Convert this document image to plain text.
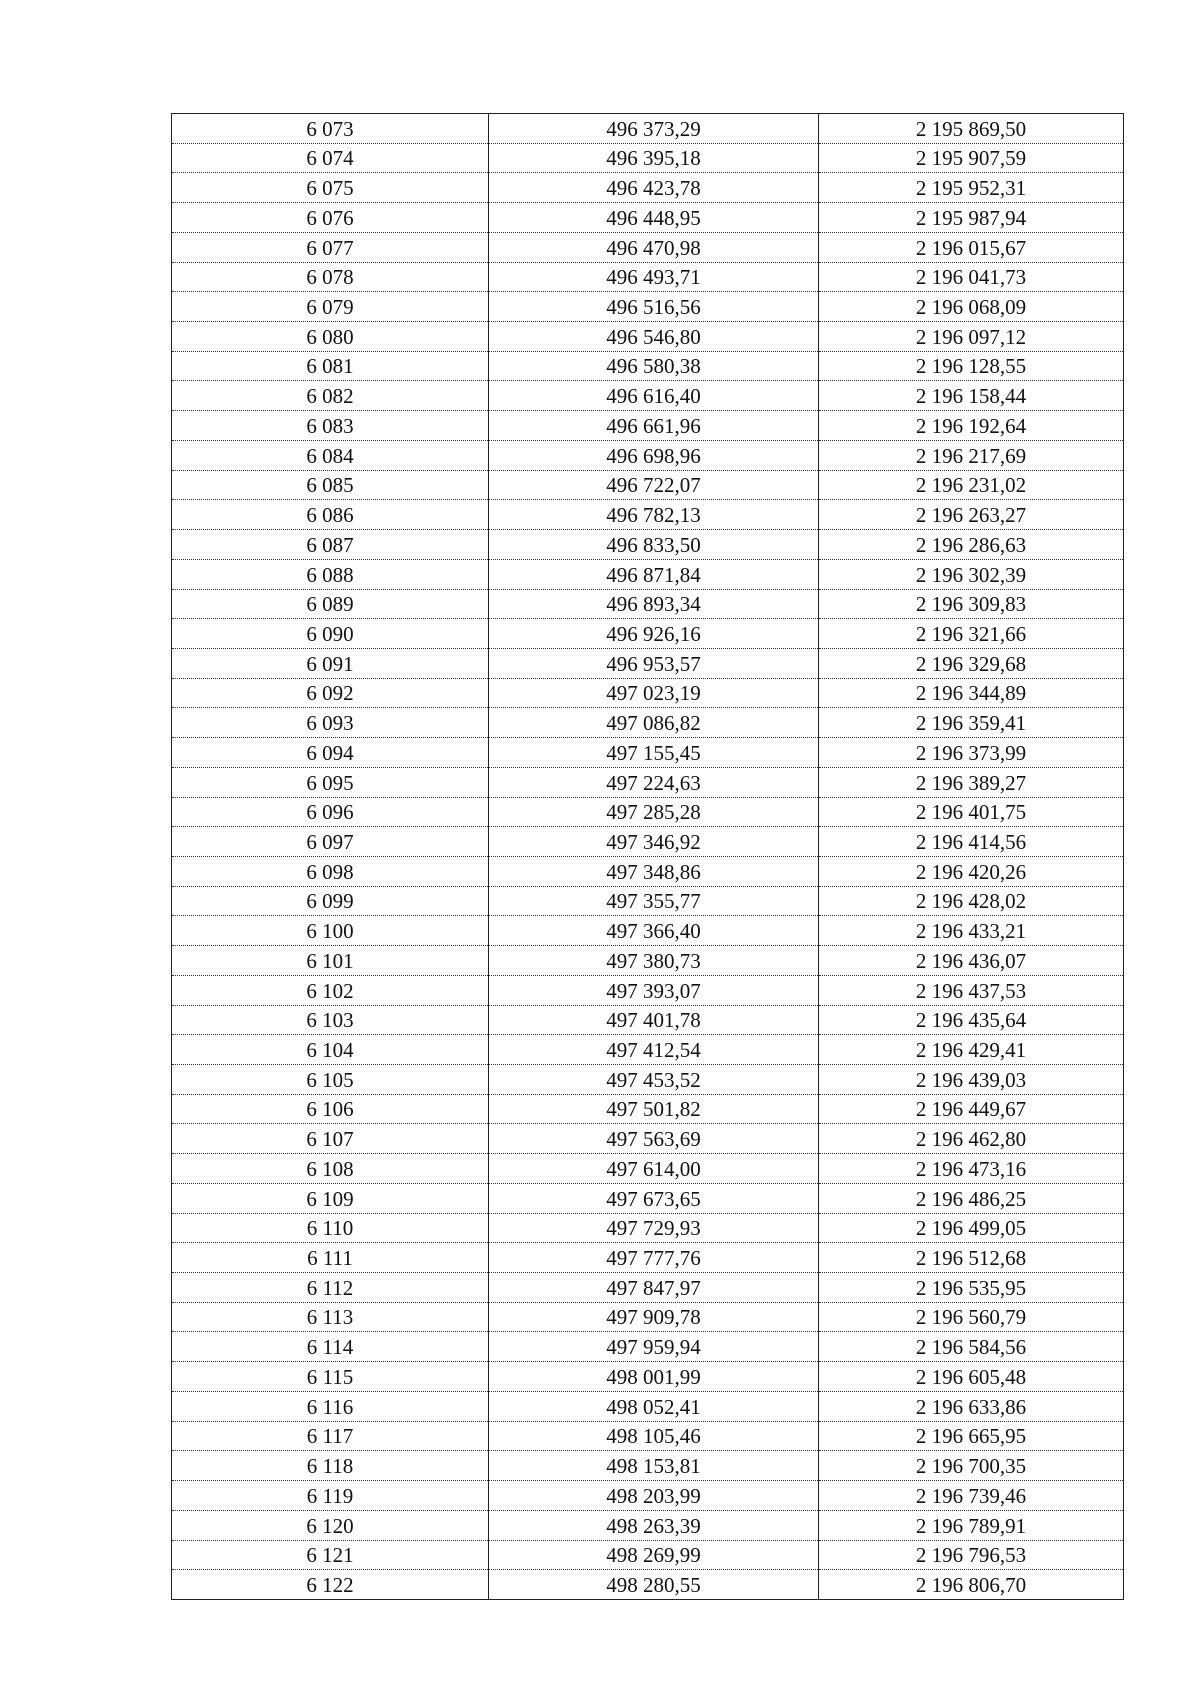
6 073	496 373,29	2 195 869,50
6 074	496 395,18	2 195 907,59
6 075	496 423,78	2 195 952,31
6 076	496 448,95	2 195 987,94
6 077	496 470,98	2 196 015,67
6 078	496 493,71	2 196 041,73
6 079	496 516,56	2 196 068,09
6 080	496 546,80	2 196 097,12
6 081	496 580,38	2 196 128,55
6 082	496 616,40	2 196 158,44
6 083	496 661,96	2 196 192,64
6 084	496 698,96	2 196 217,69
6 085	496 722,07	2 196 231,02
6 086	496 782,13	2 196 263,27
6 087	496 833,50	2 196 286,63
6 088	496 871,84	2 196 302,39
6 089	496 893,34	2 196 309,83
6 090	496 926,16	2 196 321,66
6 091	496 953,57	2 196 329,68
6 092	497 023,19	2 196 344,89
6 093	497 086,82	2 196 359,41
6 094	497 155,45	2 196 373,99
6 095	497 224,63	2 196 389,27
6 096	497 285,28	2 196 401,75
6 097	497 346,92	2 196 414,56
6 098	497 348,86	2 196 420,26
6 099	497 355,77	2 196 428,02
6 100	497 366,40	2 196 433,21
6 101	497 380,73	2 196 436,07
6 102	497 393,07	2 196 437,53
6 103	497 401,78	2 196 435,64
6 104	497 412,54	2 196 429,41
6 105	497 453,52	2 196 439,03
6 106	497 501,82	2 196 449,67
6 107	497 563,69	2 196 462,80
6 108	497 614,00	2 196 473,16
6 109	497 673,65	2 196 486,25
6 110	497 729,93	2 196 499,05
6 111	497 777,76	2 196 512,68
6 112	497 847,97	2 196 535,95
6 113	497 909,78	2 196 560,79
6 114	497 959,94	2 196 584,56
6 115	498 001,99	2 196 605,48
6 116	498 052,41	2 196 633,86
6 117	498 105,46	2 196 665,95
6 118	498 153,81	2 196 700,35
6 119	498 203,99	2 196 739,46
6 120	498 263,39	2 196 789,91
6 121	498 269,99	2 196 796,53
6 122	498 280,55	2 196 806,70
